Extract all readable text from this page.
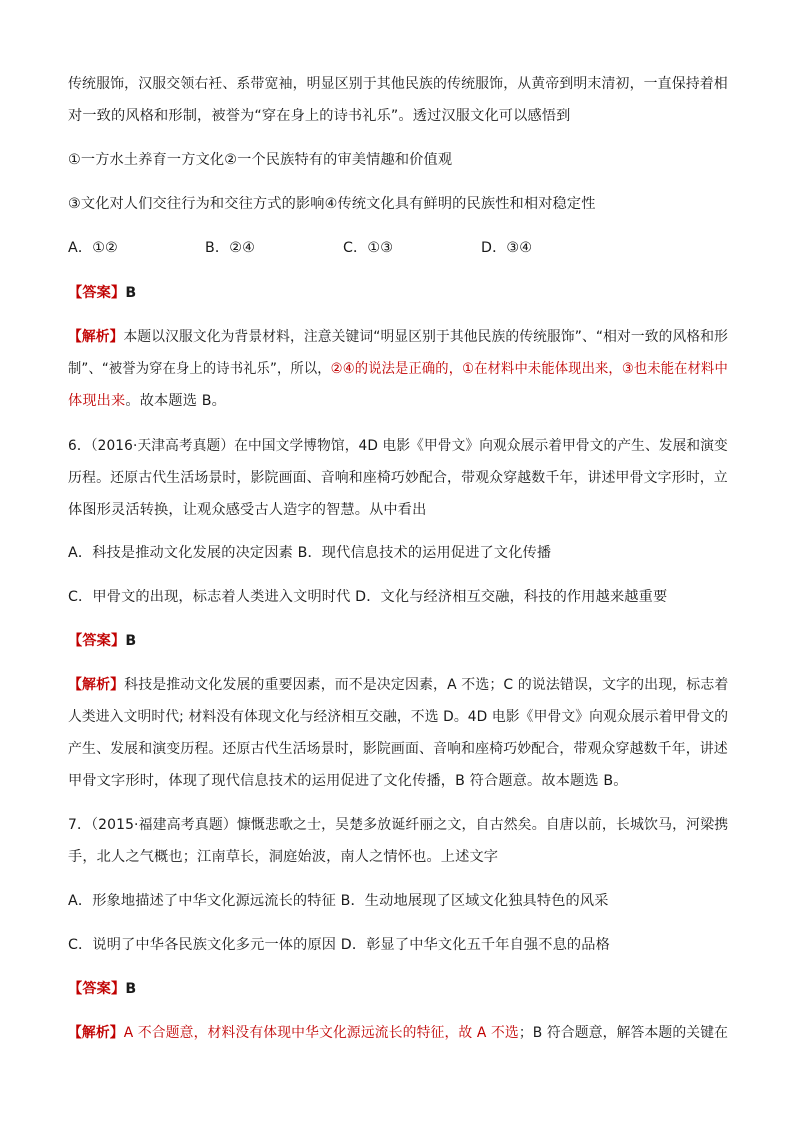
传统服饰，汉服交领右衽、系带宽袖，明显区别于其他民族的传统服饰，从黄帝到明末清初，一直保持着相
对一致的风格和形制，被誉为“穿在身上的诗书礼乐”。透过汉服文化可以感悟到
①一方水土养育一方文化②一个民族特有的审美情趣和价值观
③文化对人们交往行为和交往方式的影响④传统文化具有鲜明的民族性和相对稳定性
A．①②	B．②④	C．①③	D．③④
【答案】B
【解析】本题以汉服文化为背景材料，注意关键词“明显区别于其他民族的传统服饰”、“相对一致的风格和形
制”、“被誉为穿在身上的诗书礼乐”，所以，②④的说法是正确的，①在材料中未能体现出来，③也未能在材料中
体现出来。故本题选 B。
6．（2016·天津高考真题）在中国文学博物馆，4D 电影《甲骨文》向观众展示着甲骨文的产生、发展和演变
历程。还原古代生活场景时，影院画面、音响和座椅巧妙配合，带观众穿越数千年，讲述甲骨文字形时，立
体图形灵活转换，让观众感受古人造字的智慧。从中看出
A．科技是推动文化发展的决定因素 B．现代信息技术的运用促进了文化传播
C．甲骨文的出现，标志着人类进入文明时代 D．文化与经济相互交融，科技的作用越来越重要
【答案】B
【解析】科技是推动文化发展的重要因素，而不是决定因素，A 不选；C 的说法错误，文字的出现，标志着
人类进入文明时代; 材料没有体现文化与经济相互交融，不选 D。4D 电影《甲骨文》向观众展示着甲骨文的
产生、发展和演变历程。还原古代生活场景时，影院画面、音响和座椅巧妙配合，带观众穿越数千年，讲述
甲骨文字形时，体现了现代信息技术的运用促进了文化传播，B 符合题意。故本题选 B。
7．（2015·福建高考真题）慷慨悲歌之士，吴楚多放诞纤丽之文，自古然矣。自唐以前，长城饮马，河梁携
手，北人之气概也；江南草长，洞庭始波，南人之情怀也。上述文字
A．形象地描述了中华文化源远流长的特征 B．生动地展现了区域文化独具特色的风采
C．说明了中华各民族文化多元一体的原因 D．彰显了中华文化五千年自强不息的品格
【答案】B
【解析】A 不合题意，材料没有体现中华文化源远流长的特征，故 A 不选；B 符合题意，解答本题的关键在
